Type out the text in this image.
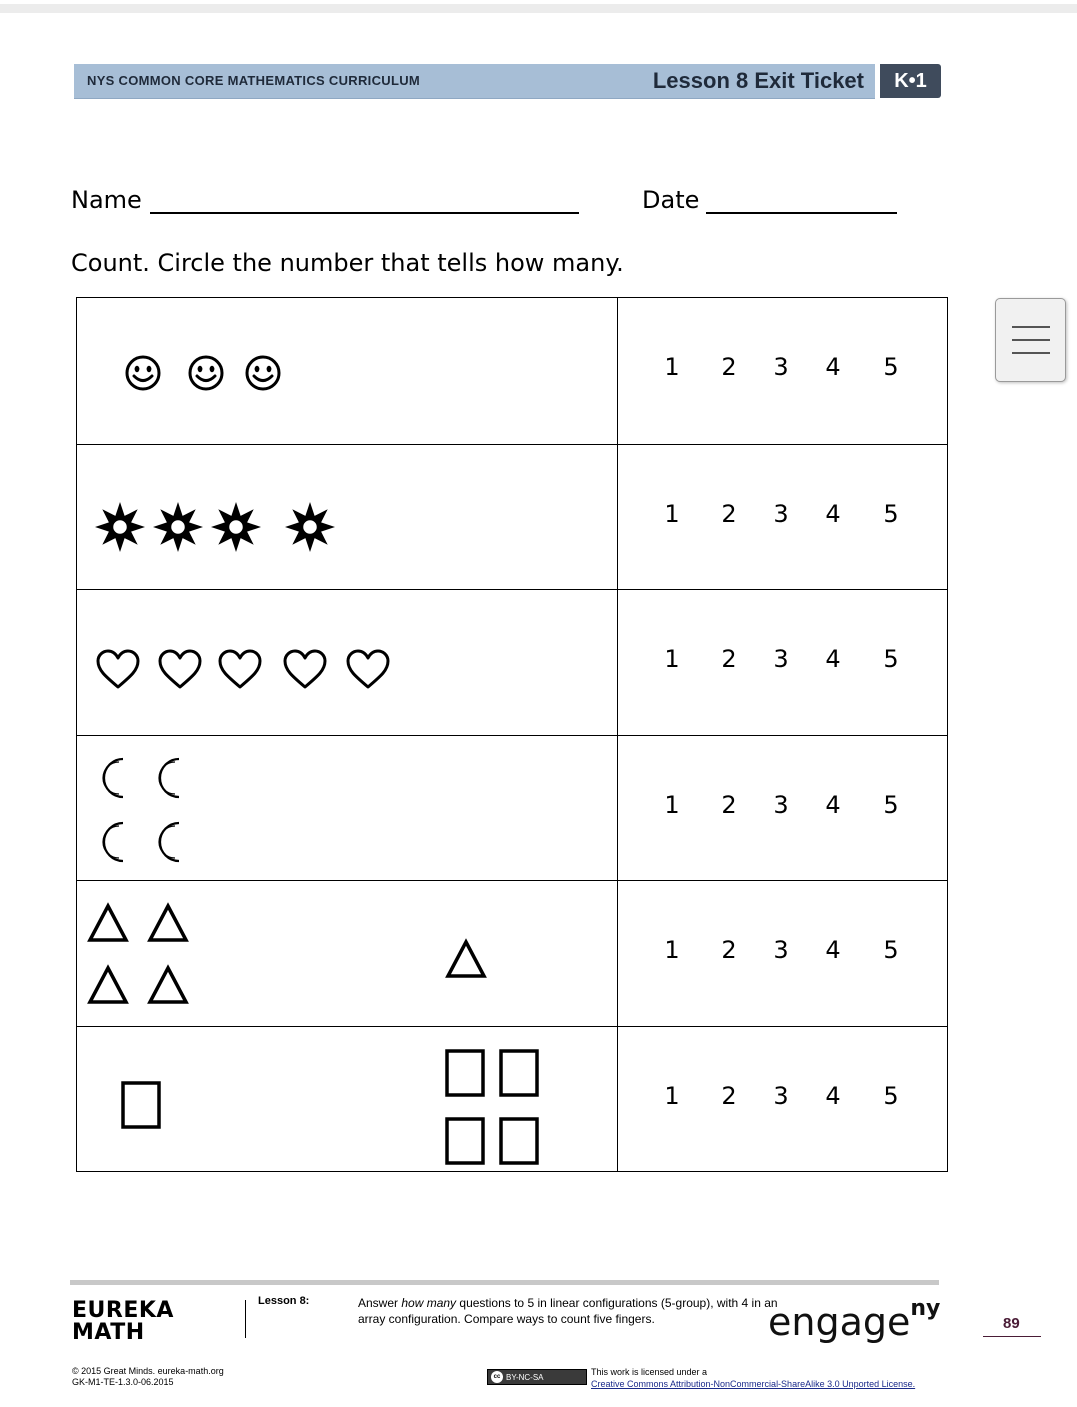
NYS COMMON CORE MATHEMATICS CURRICULUM	Lesson 8 Exit Ticket	K•1
Name	Date
Count. Circle the number that tells how many.
1	2	3	4	5
1	2	3	4	5
1	2	3	4	5
1	2	3	4	5
1	2	3	4	5
1	2	3	4	5
EUREKA
MATH
Lesson 8:	Answer how many questions to 5 in linear configurations (5-group), with 4 in an array configuration. Compare ways to count five fingers.	engage$^{ny}$
89
© 2015 Great Minds. eureka-math.org
GK-M1-TE-1.3.0-06.2015	cc BY-NC-SA	This work is licensed under a
Creative Commons Attribution-NonCommercial-ShareAlike 3.0 Unported License.
